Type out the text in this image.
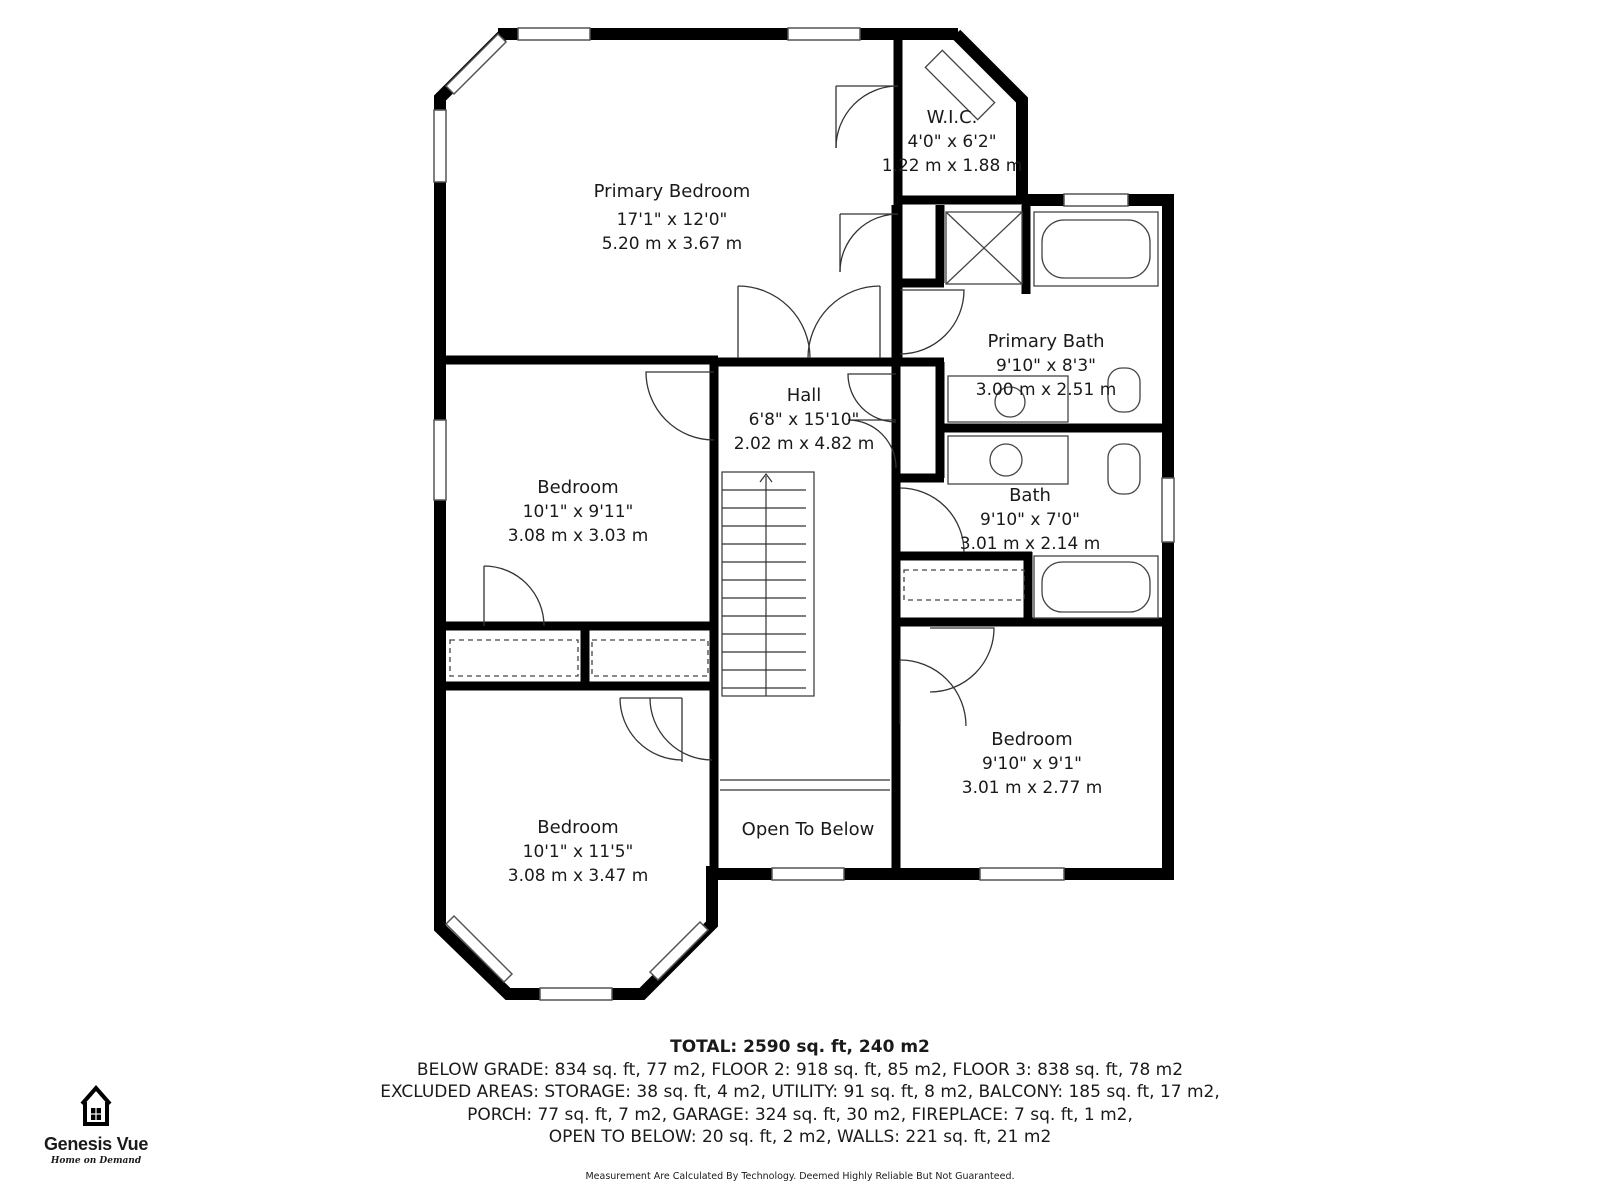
Primary Bedroom
17'1" x 12'0"
5.20 m x 3.67 m
W.I.C.
4'0" x 6'2"
1.22 m x 1.88 m
Primary Bath
9'10" x 8'3"
3.00 m x 2.51 m
Hall
6'8" x 15'10"
2.02 m x 4.82 m
Bedroom
10'1" x 9'11"
3.08 m x 3.03 m
Bath
9'10" x 7'0"
3.01 m x 2.14 m
Bedroom
9'10" x 9'1"
3.01 m x 2.77 m
Bedroom
10'1" x 11'5"
3.08 m x 3.47 m
Open To Below
TOTAL: 2590 sq. ft, 240 m2
BELOW GRADE: 834 sq. ft, 77 m2, FLOOR 2: 918 sq. ft, 85 m2, FLOOR 3: 838 sq. ft, 78 m2
EXCLUDED AREAS: STORAGE: 38 sq. ft, 4 m2, UTILITY: 91 sq. ft, 8 m2, BALCONY: 185 sq. ft, 17 m2,
PORCH: 77 sq. ft, 7 m2, GARAGE: 324 sq. ft, 30 m2, FIREPLACE: 7 sq. ft, 1 m2,
OPEN TO BELOW: 20 sq. ft, 2 m2, WALLS: 221 sq. ft, 21 m2
Measurement Are Calculated By Technology. Deemed Highly Reliable But Not Guaranteed.
Genesis Vue
Home on Demand
